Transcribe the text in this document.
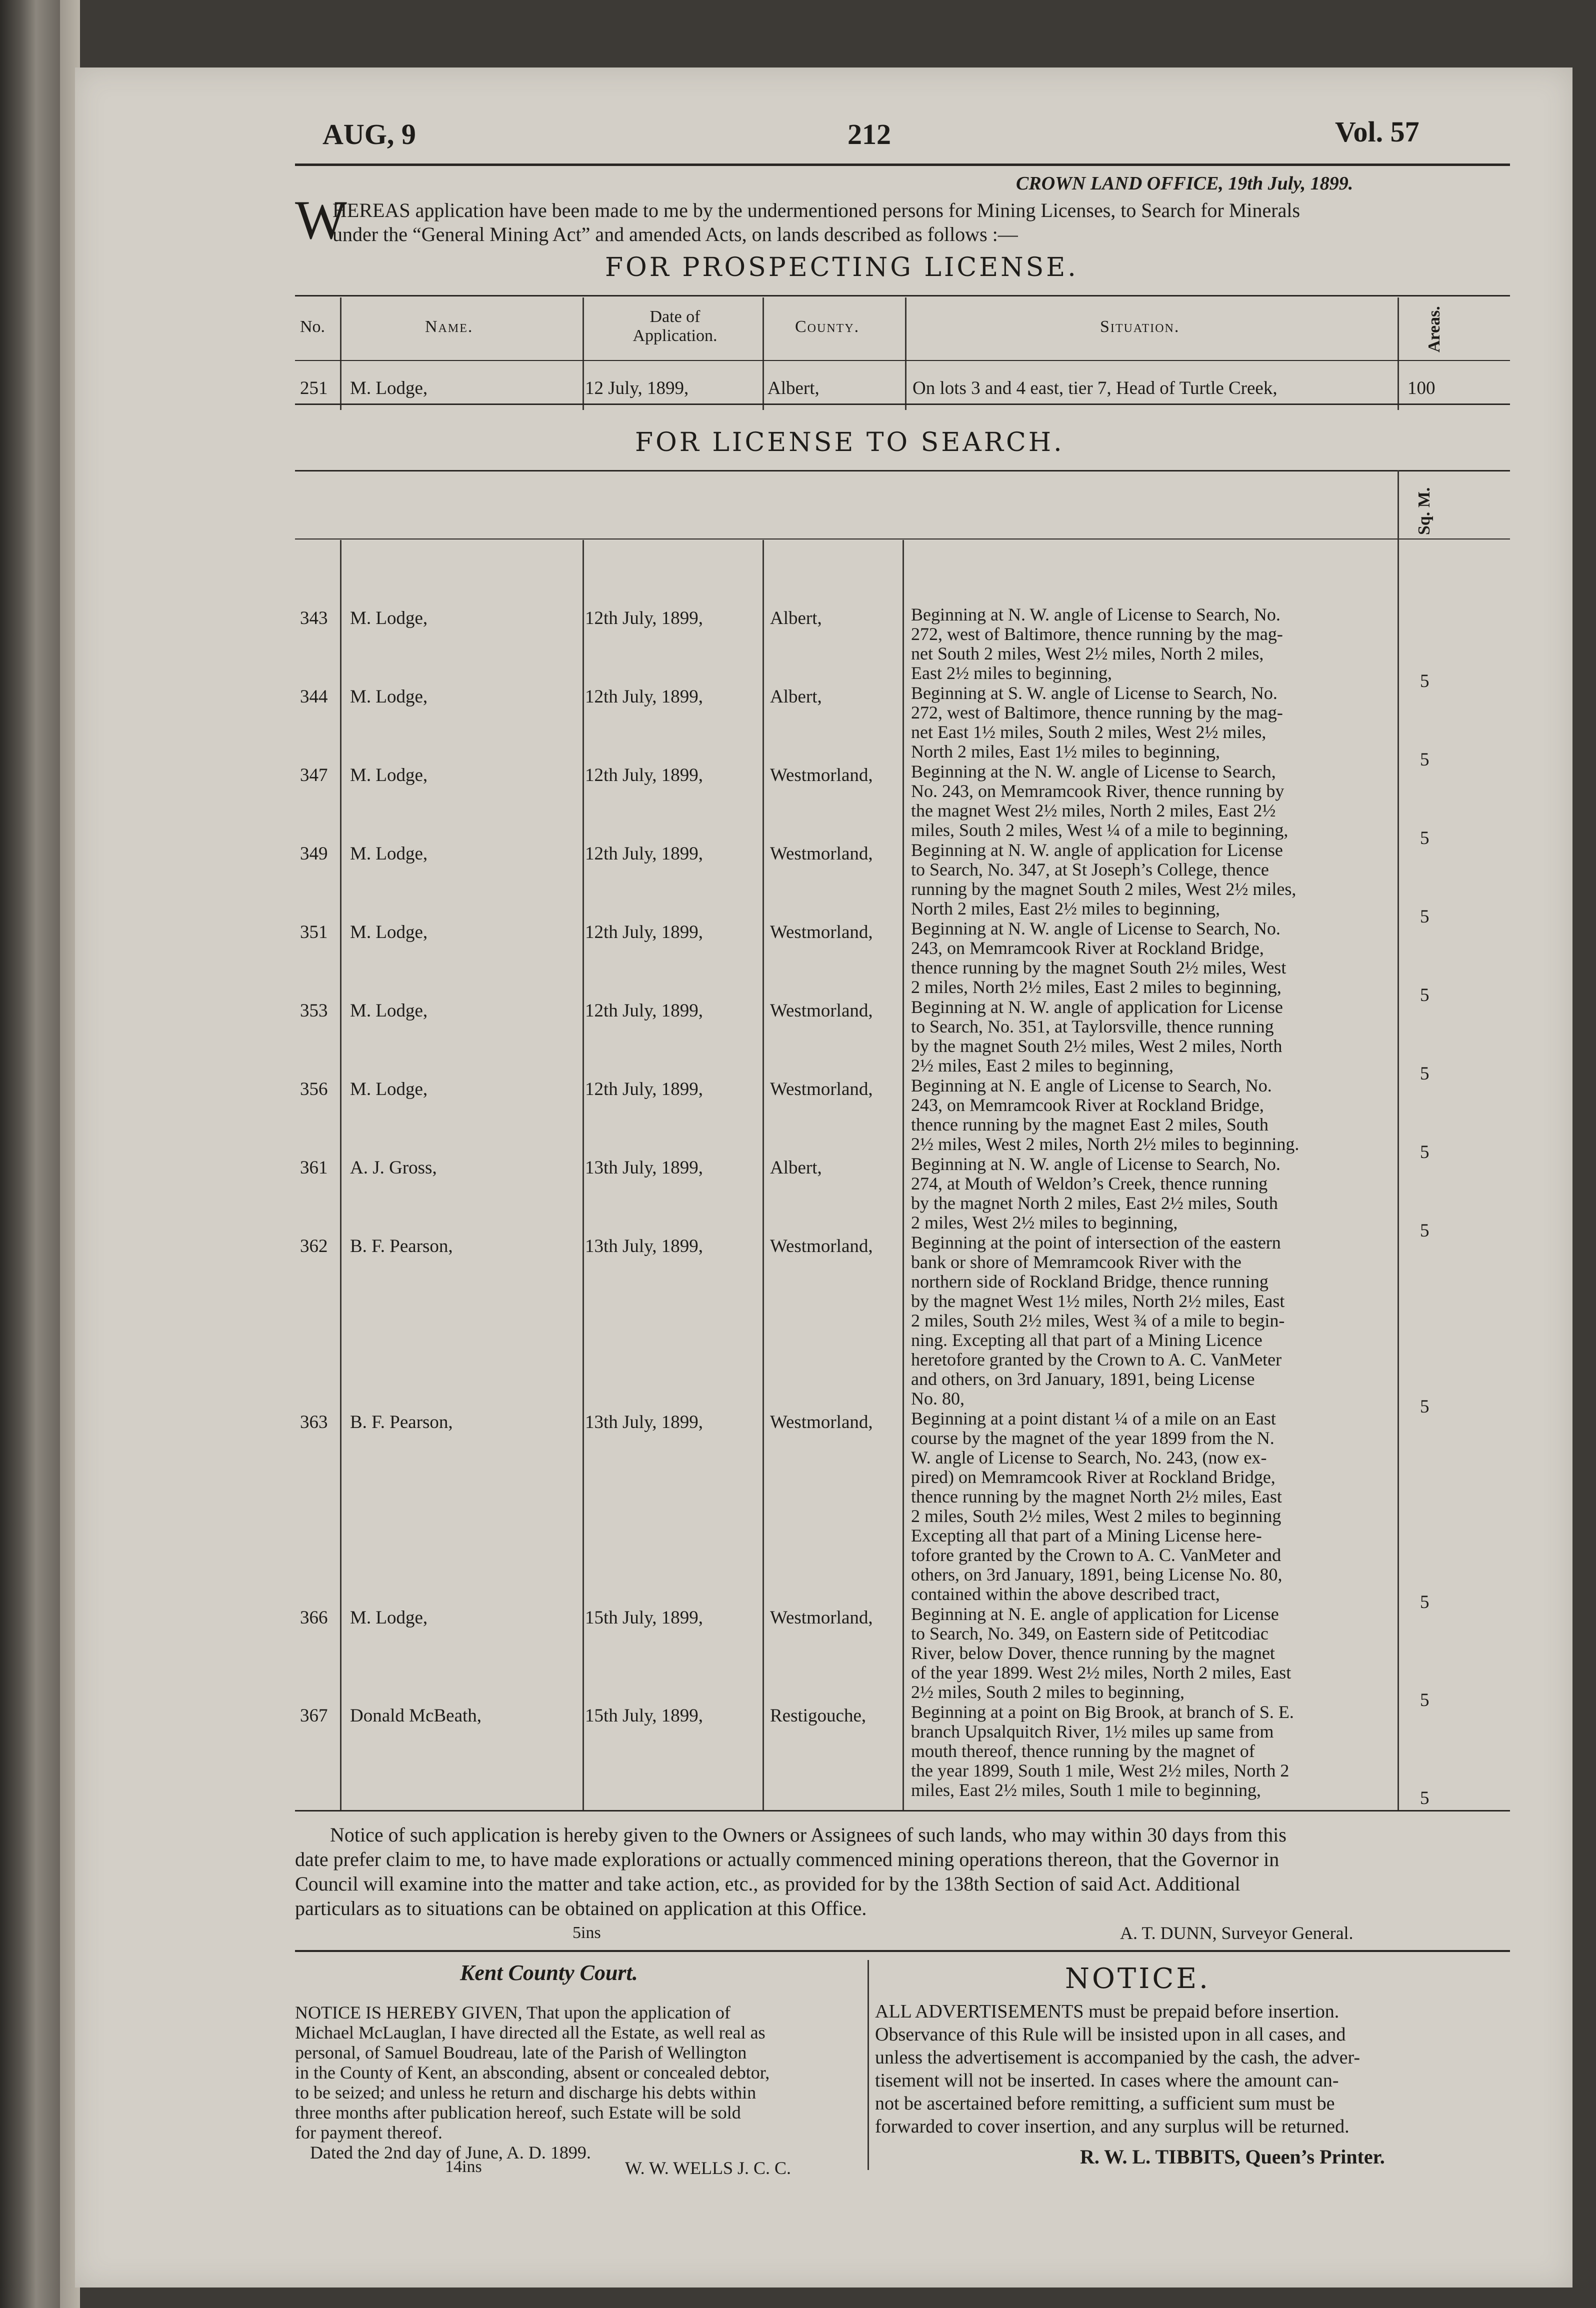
AUG, 9	212	Vol. 57
CROWN LAND OFFICE, 19th July, 1899.
W
HEREAS application have been made to me by the undermentioned persons for Mining Licenses, to Search for Minerals
under the “General Mining Act” and amended Acts, on lands described as follows :—
FOR PROSPECTING LICENSE.
No.	Name.
Date of
Application.	County.	Situation.	Areas.
251 M. Lodge,	12 July, 1899,	Albert,	On lots 3 and 4 east, tier 7, Head of Turtle Creek,	100
FOR LICENSE TO SEARCH.
Sq. M.
Notice of such application is hereby given to the Owners or Assignees of such lands, who may within 30 days from this
date prefer claim to me, to have made explorations or actually commenced mining operations thereon, that the Governor in
Council will examine into the matter and take action, etc., as provided for by the 138th Section of said Act. Additional
particulars as to situations can be obtained on application at this Office.
5ins	A. T. DUNN, Surveyor General.
Kent County Court.
NOTICE IS HEREBY GIVEN, That upon the application of
Michael McLauglan, I have directed all the Estate, as well real as
personal, of Samuel Boudreau, late of the Parish of Wellington
in the County of Kent, an absconding, absent or concealed debtor,
to be seized; and unless he return and discharge his debts within
three months after publication hereof, such Estate will be sold
for payment thereof.
Dated the 2nd day of June, A. D. 1899.
14ins	W. W. WELLS J. C. C.
NOTICE.
ALL ADVERTISEMENTS must be prepaid before insertion.
Observance of this Rule will be insisted upon in all cases, and
unless the advertisement is accompanied by the cash, the adver-
tisement will not be inserted. In cases where the amount can-
not be ascertained before remitting, a sufficient sum must be
forwarded to cover insertion, and any surplus will be returned.
R. W. L. TIBBITS, Queen’s Printer.
343 M. Lodge,	12th July, 1899,	Albert,	Beginning at N. W. angle of License to Search, No.
272, west of Baltimore, thence running by the mag-
net South 2 miles, West 2½ miles, North 2 miles,
East 2½ miles to beginning,	5
344 M. Lodge,	12th July, 1899,	Albert,	Beginning at S. W. angle of License to Search, No.
272, west of Baltimore, thence running by the mag-
net East 1½ miles, South 2 miles, West 2½ miles,
North 2 miles, East 1½ miles to beginning,	5
347 M. Lodge,	12th July, 1899,	Westmorland, Beginning at the N. W. angle of License to Search,
No. 243, on Memramcook River, thence running by
the magnet West 2½ miles, North 2 miles, East 2½
miles, South 2 miles, West ¼ of a mile to beginning,	5
349 M. Lodge,	12th July, 1899,	Westmorland, Beginning at N. W. angle of application for License
to Search, No. 347, at St Joseph’s College, thence
running by the magnet South 2 miles, West 2½ miles,
North 2 miles, East 2½ miles to beginning,	5
351 M. Lodge,	12th July, 1899,	Westmorland, Beginning at N. W. angle of License to Search, No.
243, on Memramcook River at Rockland Bridge,
thence running by the magnet South 2½ miles, West
2 miles, North 2½ miles, East 2 miles to beginning,	5
353 M. Lodge,	12th July, 1899,	Westmorland, Beginning at N. W. angle of application for License
to Search, No. 351, at Taylorsville, thence running
by the magnet South 2½ miles, West 2 miles, North
2½ miles, East 2 miles to beginning,	5
356 M. Lodge,	12th July, 1899,	Westmorland, Beginning at N. E angle of License to Search, No.
243, on Memramcook River at Rockland Bridge,
thence running by the magnet East 2 miles, South
2½ miles, West 2 miles, North 2½ miles to beginning.	5
361 A. J. Gross,	13th July, 1899,	Albert,	Beginning at N. W. angle of License to Search, No.
274, at Mouth of Weldon’s Creek, thence running
by the magnet North 2 miles, East 2½ miles, South
2 miles, West 2½ miles to beginning,	5
362 B. F. Pearson,	13th July, 1899,	Westmorland, Beginning at the point of intersection of the eastern
bank or shore of Memramcook River with the
northern side of Rockland Bridge, thence running
by the magnet West 1½ miles, North 2½ miles, East
2 miles, South 2½ miles, West ¾ of a mile to begin-
ning. Excepting all that part of a Mining Licence
heretofore granted by the Crown to A. C. VanMeter
and others, on 3rd January, 1891, being License
No. 80,	5
363 B. F. Pearson,	13th July, 1899,	Westmorland, Beginning at a point distant ¼ of a mile on an East
course by the magnet of the year 1899 from the N.
W. angle of License to Search, No. 243, (now ex-
pired) on Memramcook River at Rockland Bridge,
thence running by the magnet North 2½ miles, East
2 miles, South 2½ miles, West 2 miles to beginning
Excepting all that part of a Mining License here-
tofore granted by the Crown to A. C. VanMeter and
others, on 3rd January, 1891, being License No. 80,
contained within the above described tract,	5
366 M. Lodge,	15th July, 1899,	Westmorland, Beginning at N. E. angle of application for License
to Search, No. 349, on Eastern side of Petitcodiac
River, below Dover, thence running by the magnet
of the year 1899. West 2½ miles, North 2 miles, East
2½ miles, South 2 miles to beginning,	5
367 Donald McBeath,	15th July, 1899,	Restigouche, Beginning at a point on Big Brook, at branch of S. E.
branch Upsalquitch River, 1½ miles up same from
mouth thereof, thence running by the magnet of
the year 1899, South 1 mile, West 2½ miles, North 2
miles, East 2½ miles, South 1 mile to beginning,	5
